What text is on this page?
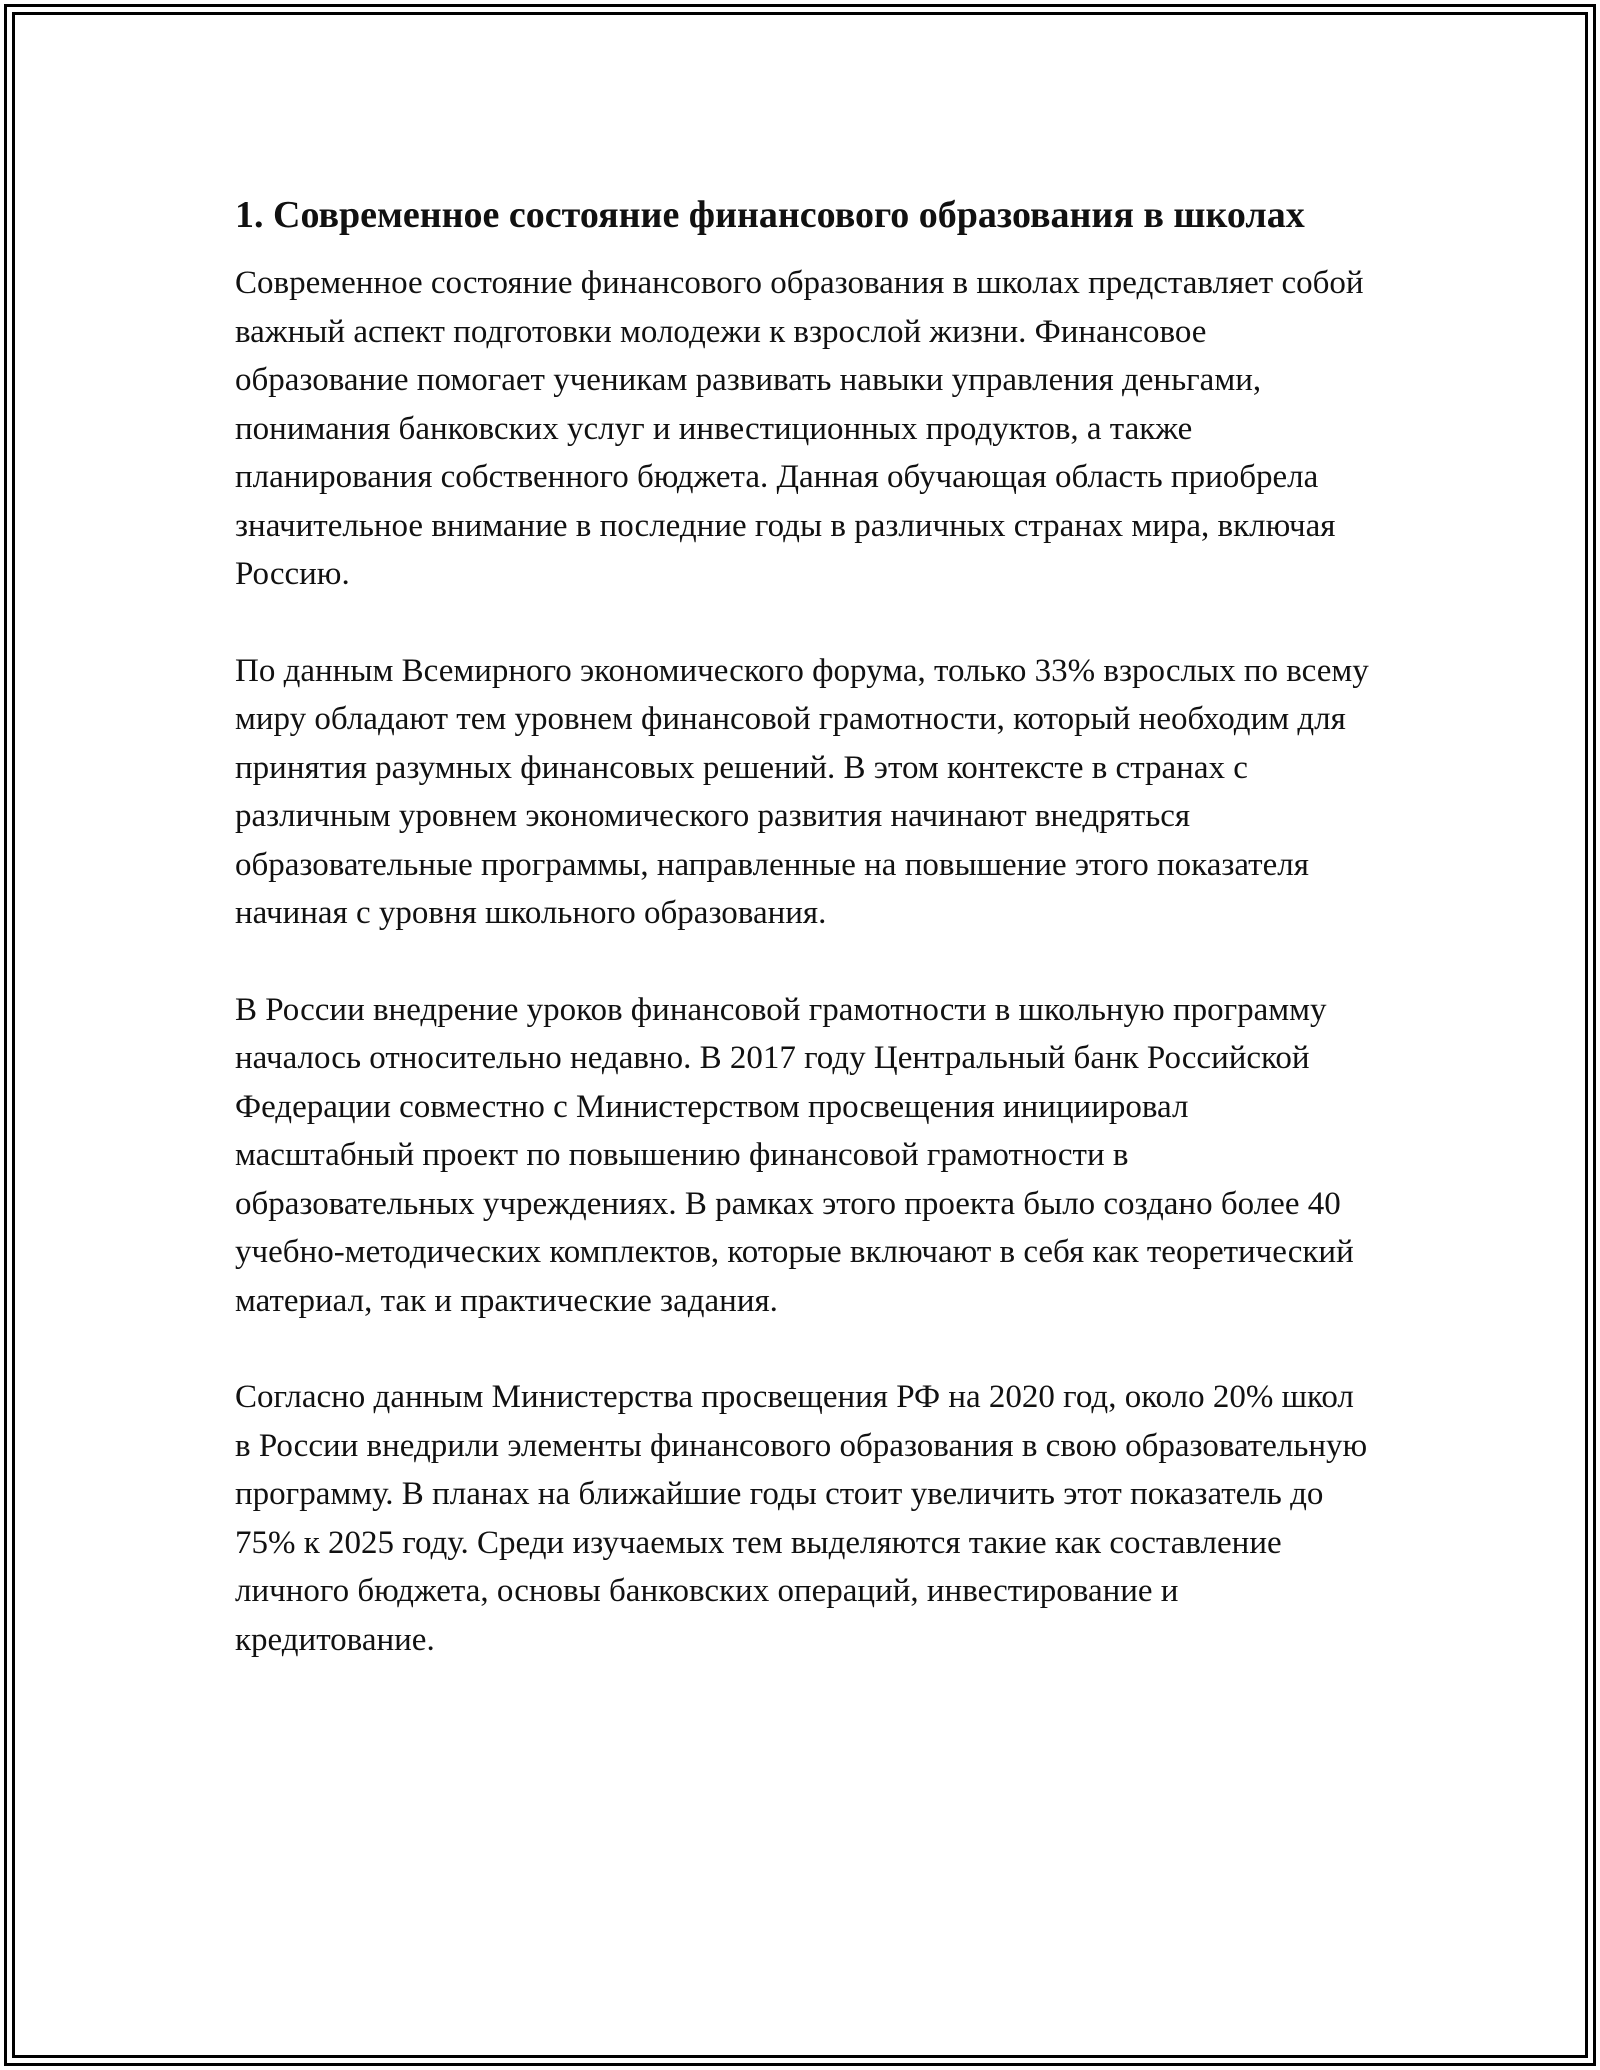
1. Современное состояние финансового образования в школах

Современное состояние финансового образования в школах представляет собой важный аспект подготовки молодежи к взрослой жизни. Финансовое образование помогает ученикам развивать навыки управления деньгами, понимания банковских услуг и инвестиционных продуктов, а также планирования собственного бюджета. Данная обучающая область приобрела значительное внимание в последние годы в различных странах мира, включая Россию.

По данным Всемирного экономического форума, только 33% взрослых по всему миру обладают тем уровнем финансовой грамотности, который необходим для принятия разумных финансовых решений. В этом контексте в странах с различным уровнем экономического развития начинают внедряться образовательные программы, направленные на повышение этого показателя начиная с уровня школьного образования.

В России внедрение уроков финансовой грамотности в школьную программу началось относительно недавно. В 2017 году Центральный банк Российской Федерации совместно с Министерством просвещения инициировал масштабный проект по повышению финансовой грамотности в образовательных учреждениях. В рамках этого проекта было создано более 40 учебно-методических комплектов, которые включают в себя как теоретический материал, так и практические задания.

Согласно данным Министерства просвещения РФ на 2020 год, около 20% школ в России внедрили элементы финансового образования в свою образовательную программу. В планах на ближайшие годы стоит увеличить этот показатель до 75% к 2025 году. Среди изучаемых тем выделяются такие как составление личного бюджета, основы банковских операций, инвестирование и кредитование.
